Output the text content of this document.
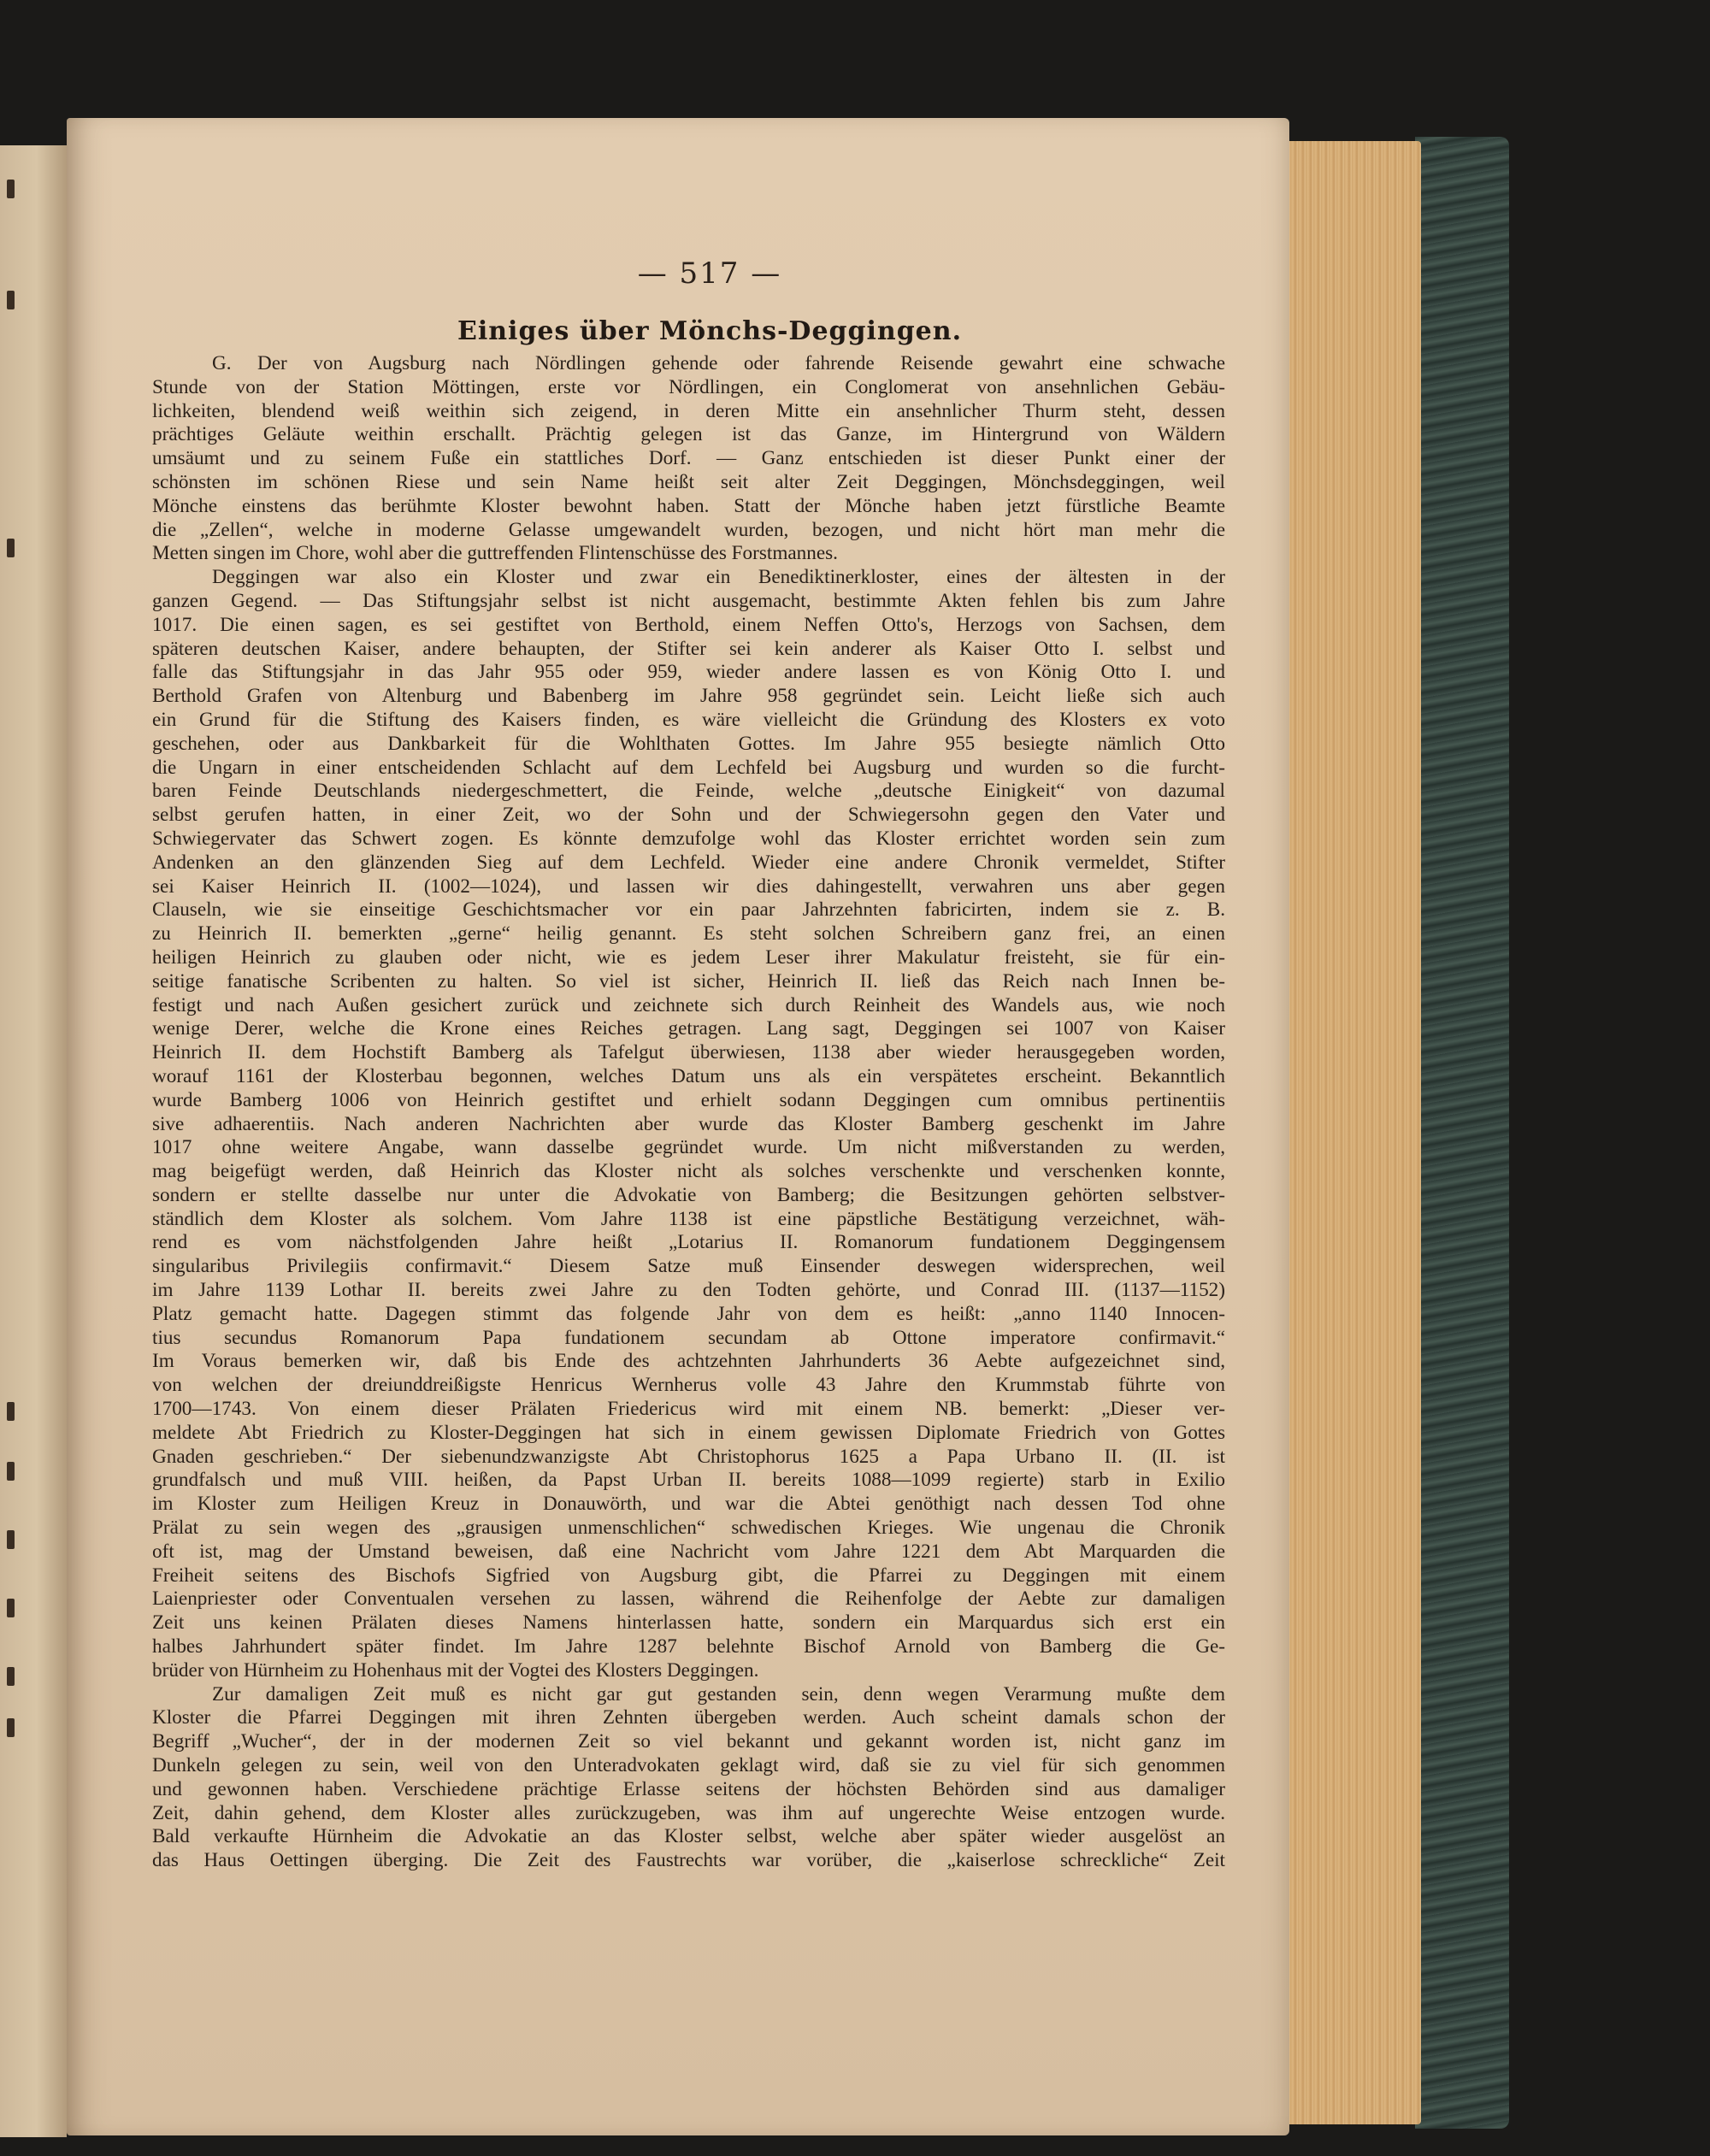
— 517 —
Einiges über Mönchs-Deggingen.
G. Der von Augsburg nach Nördlingen gehende oder fahrende Reisende gewahrt eine schwache
Stunde von der Station Möttingen, erste vor Nördlingen, ein Conglomerat von ansehnlichen Gebäu-
lichkeiten, blendend weiß weithin sich zeigend, in deren Mitte ein ansehnlicher Thurm steht, dessen
prächtiges Geläute weithin erschallt. Prächtig gelegen ist das Ganze, im Hintergrund von Wäldern
umsäumt und zu seinem Fuße ein stattliches Dorf. — Ganz entschieden ist dieser Punkt einer der
schönsten im schönen Riese und sein Name heißt seit alter Zeit Deggingen, Mönchsdeggingen, weil
Mönche einstens das berühmte Kloster bewohnt haben. Statt der Mönche haben jetzt fürstliche Beamte
die „Zellen“, welche in moderne Gelasse umgewandelt wurden, bezogen, und nicht hört man mehr die
Metten singen im Chore, wohl aber die guttreffenden Flintenschüsse des Forstmannes.
Deggingen war also ein Kloster und zwar ein Benediktinerkloster, eines der ältesten in der
ganzen Gegend. — Das Stiftungsjahr selbst ist nicht ausgemacht, bestimmte Akten fehlen bis zum Jahre
1017. Die einen sagen, es sei gestiftet von Berthold, einem Neffen Otto's, Herzogs von Sachsen, dem
späteren deutschen Kaiser, andere behaupten, der Stifter sei kein anderer als Kaiser Otto I. selbst und
falle das Stiftungsjahr in das Jahr 955 oder 959, wieder andere lassen es von König Otto I. und
Berthold Grafen von Altenburg und Babenberg im Jahre 958 gegründet sein. Leicht ließe sich auch
ein Grund für die Stiftung des Kaisers finden, es wäre vielleicht die Gründung des Klosters ex voto
geschehen, oder aus Dankbarkeit für die Wohlthaten Gottes. Im Jahre 955 besiegte nämlich Otto
die Ungarn in einer entscheidenden Schlacht auf dem Lechfeld bei Augsburg und wurden so die furcht-
baren Feinde Deutschlands niedergeschmettert, die Feinde, welche „deutsche Einigkeit“ von dazumal
selbst gerufen hatten, in einer Zeit, wo der Sohn und der Schwiegersohn gegen den Vater und
Schwiegervater das Schwert zogen. Es könnte demzufolge wohl das Kloster errichtet worden sein zum
Andenken an den glänzenden Sieg auf dem Lechfeld. Wieder eine andere Chronik vermeldet, Stifter
sei Kaiser Heinrich II. (1002—1024), und lassen wir dies dahingestellt, verwahren uns aber gegen
Clauseln, wie sie einseitige Geschichtsmacher vor ein paar Jahrzehnten fabricirten, indem sie z. B.
zu Heinrich II. bemerkten „gerne“ heilig genannt. Es steht solchen Schreibern ganz frei, an einen
heiligen Heinrich zu glauben oder nicht, wie es jedem Leser ihrer Makulatur freisteht, sie für ein-
seitige fanatische Scribenten zu halten. So viel ist sicher, Heinrich II. ließ das Reich nach Innen be-
festigt und nach Außen gesichert zurück und zeichnete sich durch Reinheit des Wandels aus, wie noch
wenige Derer, welche die Krone eines Reiches getragen. Lang sagt, Deggingen sei 1007 von Kaiser
Heinrich II. dem Hochstift Bamberg als Tafelgut überwiesen, 1138 aber wieder herausgegeben worden,
worauf 1161 der Klosterbau begonnen, welches Datum uns als ein verspätetes erscheint. Bekanntlich
wurde Bamberg 1006 von Heinrich gestiftet und erhielt sodann Deggingen cum omnibus pertinentiis
sive adhaerentiis. Nach anderen Nachrichten aber wurde das Kloster Bamberg geschenkt im Jahre
1017 ohne weitere Angabe, wann dasselbe gegründet wurde. Um nicht mißverstanden zu werden,
mag beigefügt werden, daß Heinrich das Kloster nicht als solches verschenkte und verschenken konnte,
sondern er stellte dasselbe nur unter die Advokatie von Bamberg; die Besitzungen gehörten selbstver-
ständlich dem Kloster als solchem. Vom Jahre 1138 ist eine päpstliche Bestätigung verzeichnet, wäh-
rend es vom nächstfolgenden Jahre heißt „Lotarius II. Romanorum fundationem Deggingensem
singularibus Privilegiis confirmavit.“ Diesem Satze muß Einsender deswegen widersprechen, weil
im Jahre 1139 Lothar II. bereits zwei Jahre zu den Todten gehörte, und Conrad III. (1137—1152)
Platz gemacht hatte. Dagegen stimmt das folgende Jahr von dem es heißt: „anno 1140 Innocen-
tius secundus Romanorum Papa fundationem secundam ab Ottone imperatore confirmavit.“
Im Voraus bemerken wir, daß bis Ende des achtzehnten Jahrhunderts 36 Aebte aufgezeichnet sind,
von welchen der dreiunddreißigste Henricus Wernherus volle 43 Jahre den Krummstab führte von
1700—1743. Von einem dieser Prälaten Friedericus wird mit einem NB. bemerkt: „Dieser ver-
meldete Abt Friedrich zu Kloster-Deggingen hat sich in einem gewissen Diplomate Friedrich von Gottes
Gnaden geschrieben.“ Der siebenundzwanzigste Abt Christophorus 1625 a Papa Urbano II. (II. ist
grundfalsch und muß VIII. heißen, da Papst Urban II. bereits 1088—1099 regierte) starb in Exilio
im Kloster zum Heiligen Kreuz in Donauwörth, und war die Abtei genöthigt nach dessen Tod ohne
Prälat zu sein wegen des „grausigen unmenschlichen“ schwedischen Krieges. Wie ungenau die Chronik
oft ist, mag der Umstand beweisen, daß eine Nachricht vom Jahre 1221 dem Abt Marquarden die
Freiheit seitens des Bischofs Sigfried von Augsburg gibt, die Pfarrei zu Deggingen mit einem
Laienpriester oder Conventualen versehen zu lassen, während die Reihenfolge der Aebte zur damaligen
Zeit uns keinen Prälaten dieses Namens hinterlassen hatte, sondern ein Marquardus sich erst ein
halbes Jahrhundert später findet. Im Jahre 1287 belehnte Bischof Arnold von Bamberg die Ge-
brüder von Hürnheim zu Hohenhaus mit der Vogtei des Klosters Deggingen.
Zur damaligen Zeit muß es nicht gar gut gestanden sein, denn wegen Verarmung mußte dem
Kloster die Pfarrei Deggingen mit ihren Zehnten übergeben werden. Auch scheint damals schon der
Begriff „Wucher“, der in der modernen Zeit so viel bekannt und gekannt worden ist, nicht ganz im
Dunkeln gelegen zu sein, weil von den Unteradvokaten geklagt wird, daß sie zu viel für sich genommen
und gewonnen haben. Verschiedene prächtige Erlasse seitens der höchsten Behörden sind aus damaliger
Zeit, dahin gehend, dem Kloster alles zurückzugeben, was ihm auf ungerechte Weise entzogen wurde.
Bald verkaufte Hürnheim die Advokatie an das Kloster selbst, welche aber später wieder ausgelöst an
das Haus Oettingen überging. Die Zeit des Faustrechts war vorüber, die „kaiserlose schreckliche“ Zeit
